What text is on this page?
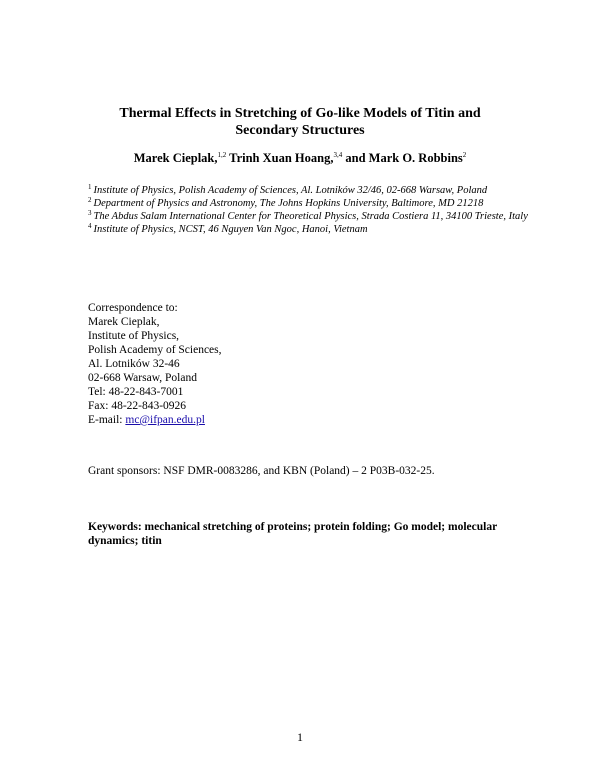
Thermal Effects in Stretching of Go-like Models of Titin and
Secondary Structures
Marek Cieplak,$^{1,2}$ Trinh Xuan Hoang,$^{3,4}$ and Mark O. Robbins$^2$
$^1$ Institute of Physics, Polish Academy of Sciences, Al. Lotników 32/46, 02-668 Warsaw, Poland
$^2$ Department of Physics and Astronomy, The Johns Hopkins University, Baltimore, MD 21218
$^3$ The Abdus Salam International Center for Theoretical Physics, Strada Costiera 11, 34100 Trieste, Italy
$^4$ Institute of Physics, NCST, 46 Nguyen Van Ngoc, Hanoi, Vietnam
Correspondence to:
Marek Cieplak,
Institute of Physics,
Polish Academy of Sciences,
Al. Lotników 32-46
02-668 Warsaw, Poland
Tel: 48-22-843-7001
Fax: 48-22-843-0926
E-mail: mc@ifpan.edu.pl
Grant sponsors: NSF DMR-0083286, and KBN (Poland) – 2 P03B-032-25.
Keywords: mechanical stretching of proteins; protein folding; Go model; molecular dynamics; titin
1
